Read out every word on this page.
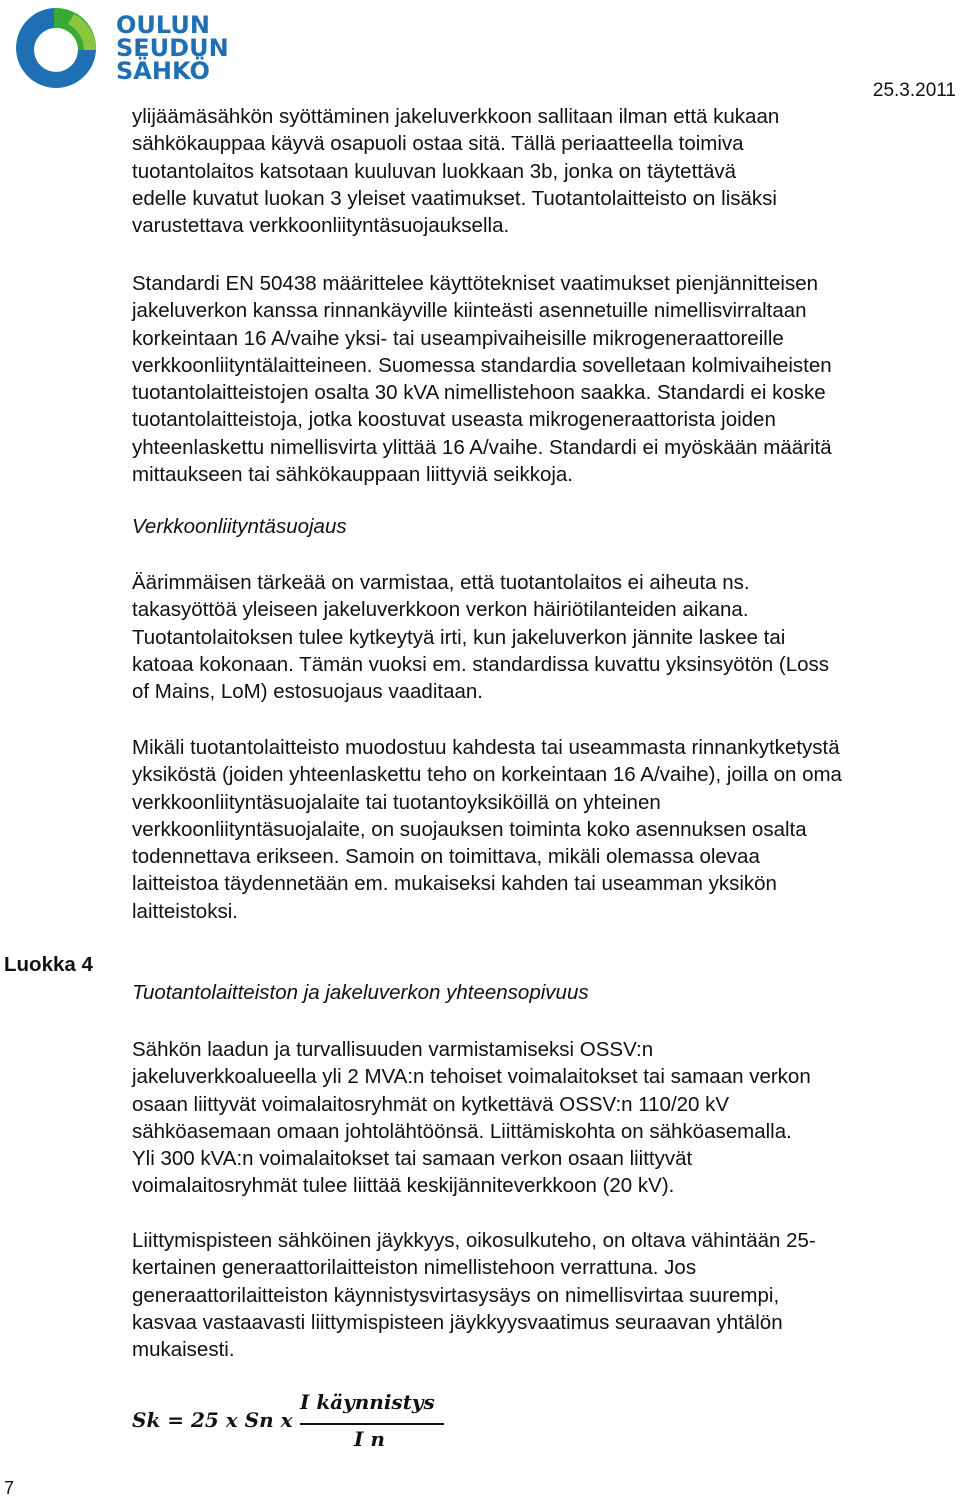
OULUN
SEUDUN
SÄHKÖ
25.3.2011
ylijäämäsähkön syöttäminen jakeluverkkoon sallitaan ilman että kukaan
sähkökauppaa käyvä osapuoli ostaa sitä. Tällä periaatteella toimiva
tuotantolaitos katsotaan kuuluvan luokkaan 3b, jonka on täytettävä
edelle kuvatut luokan 3 yleiset vaatimukset. Tuotantolaitteisto on lisäksi
varustettava verkkoonliityntäsuojauksella.
Standardi EN 50438 määrittelee käyttötekniset vaatimukset pienjännitteisen
jakeluverkon kanssa rinnankäyville kiinteästi asennetuille nimellisvirraltaan
korkeintaan 16 A/vaihe yksi- tai useampivaiheisille mikrogeneraattoreille
verkkoonliityntälaitteineen. Suomessa standardia sovelletaan kolmivaiheisten
tuotantolaitteistojen osalta 30 kVA nimellistehoon saakka. Standardi ei koske
tuotantolaitteistoja, jotka koostuvat useasta mikrogeneraattorista joiden
yhteenlaskettu nimellisvirta ylittää 16 A/vaihe. Standardi ei myöskään määritä
mittaukseen tai sähkökauppaan liittyviä seikkoja.
Verkkoonliityntäsuojaus
Äärimmäisen tärkeää on varmistaa, että tuotantolaitos ei aiheuta ns.
takasyöttöä yleiseen jakeluverkkoon verkon häiriötilanteiden aikana.
Tuotantolaitoksen tulee kytkeytyä irti, kun jakeluverkon jännite laskee tai
katoaa kokonaan. Tämän vuoksi em. standardissa kuvattu yksinsyötön (Loss
of Mains, LoM) estosuojaus vaaditaan.
Mikäli tuotantolaitteisto muodostuu kahdesta tai useammasta rinnankytketystä
yksiköstä (joiden yhteenlaskettu teho on korkeintaan 16 A/vaihe), joilla on oma
verkkoonliityntäsuojalaite tai tuotantoyksiköillä on yhteinen
verkkoonliityntäsuojalaite, on suojauksen toiminta koko asennuksen osalta
todennettava erikseen. Samoin on toimittava, mikäli olemassa olevaa
laitteistoa täydennetään em. mukaiseksi kahden tai useamman yksikön
laitteistoksi.
Luokka 4
Tuotantolaitteiston ja jakeluverkon yhteensopivuus
Sähkön laadun ja turvallisuuden varmistamiseksi OSSV:n
jakeluverkkoalueella yli 2 MVA:n tehoiset voimalaitokset tai samaan verkon
osaan liittyvät voimalaitosryhmät on kytkettävä OSSV:n 110/20 kV
sähköasemaan omaan johtolähtöönsä. Liittämiskohta on sähköasemalla.
Yli 300 kVA:n voimalaitokset tai samaan verkon osaan liittyvät
voimalaitosryhmät tulee liittää keskijänniteverkkoon (20 kV).
Liittymispisteen sähköinen jäykkyys, oikosulkuteho, on oltava vähintään 25-
kertainen generaattorilaitteiston nimellistehoon verrattuna. Jos
generaattorilaitteiston käynnistysvirtasysäys on nimellisvirtaa suurempi,
kasvaa vastaavasti liittymispisteen jäykkyysvaatimus seuraavan yhtälön
mukaisesti.
Sk = 25 x Sn x
I käynnistys
I n
7
